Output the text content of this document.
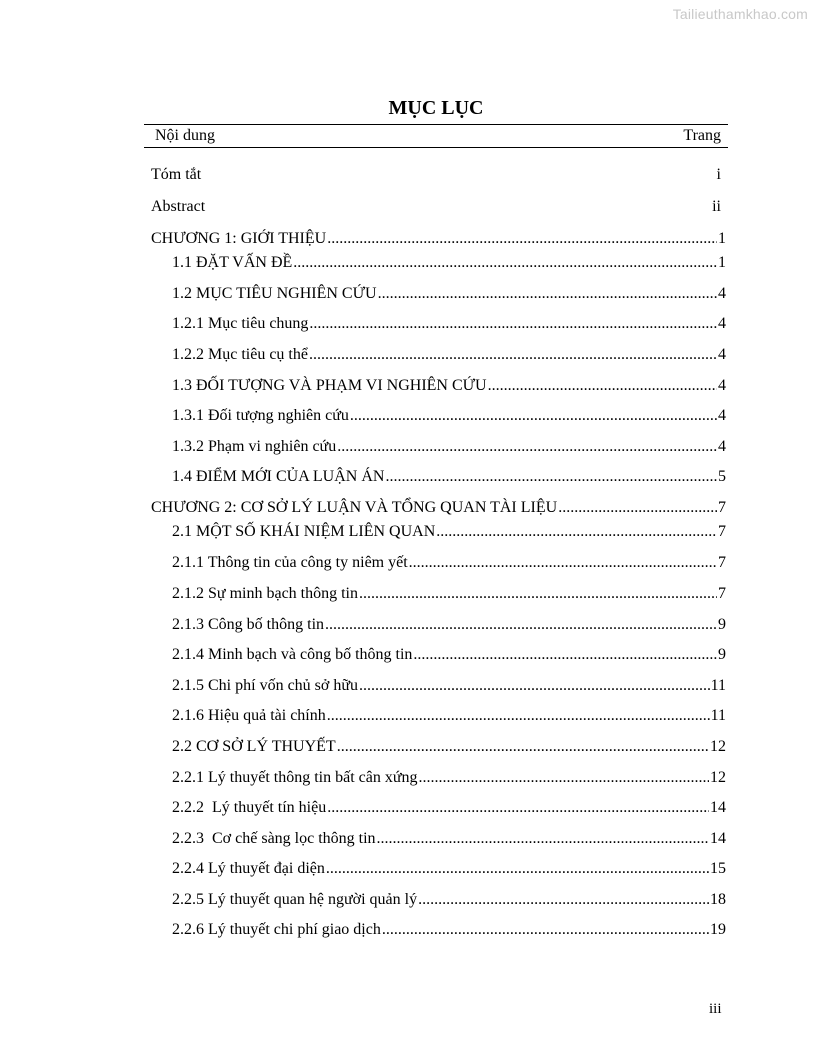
Tailieuthamkhao.com
MỤC LỤC
Nội dung	Trang
Tóm tắt	i
Abstract	ii
CHƯƠNG 1: GIỚI THIỆU .....	1
1.1 ĐẶT VẤN ĐỀ .....	1
1.2 MỤC TIÊU NGHIÊN CỨU .....	4
1.2.1 Mục tiêu chung .....	4
1.2.2 Mục tiêu cụ thể .....	4
1.3 ĐỐI TƯỢNG VÀ PHẠM VI NGHIÊN CỨU .....	4
1.3.1 Đối tượng nghiên cứu .....	4
1.3.2 Phạm vi nghiên cứu .....	4
1.4 ĐIỂM MỚI CỦA LUẬN ÁN .....	5
CHƯƠNG 2: CƠ SỞ LÝ LUẬN VÀ TỔNG QUAN TÀI LIỆU .....	7
2.1 MỘT SỐ KHÁI NIỆM LIÊN QUAN .....	7
2.1.1 Thông tin của công ty niêm yết .....	7
2.1.2 Sự minh bạch thông tin .....	7
2.1.3 Công bố thông tin .....	9
2.1.4 Minh bạch và công bố thông tin .....	9
2.1.5 Chi phí vốn chủ sở hữu .....	11
2.1.6 Hiệu quả tài chính .....	11
2.2 CƠ SỞ LÝ THUYẾT .....	12
2.2.1 Lý thuyết thông tin bất cân xứng .....	12
2.2.2  Lý thuyết tín hiệu .....	14
2.2.3  Cơ chế sàng lọc thông tin .....	14
2.2.4 Lý thuyết đại diện .....	15
2.2.5 Lý thuyết quan hệ người quản lý .....	18
2.2.6 Lý thuyết chi phí giao dịch .....	19
iii
